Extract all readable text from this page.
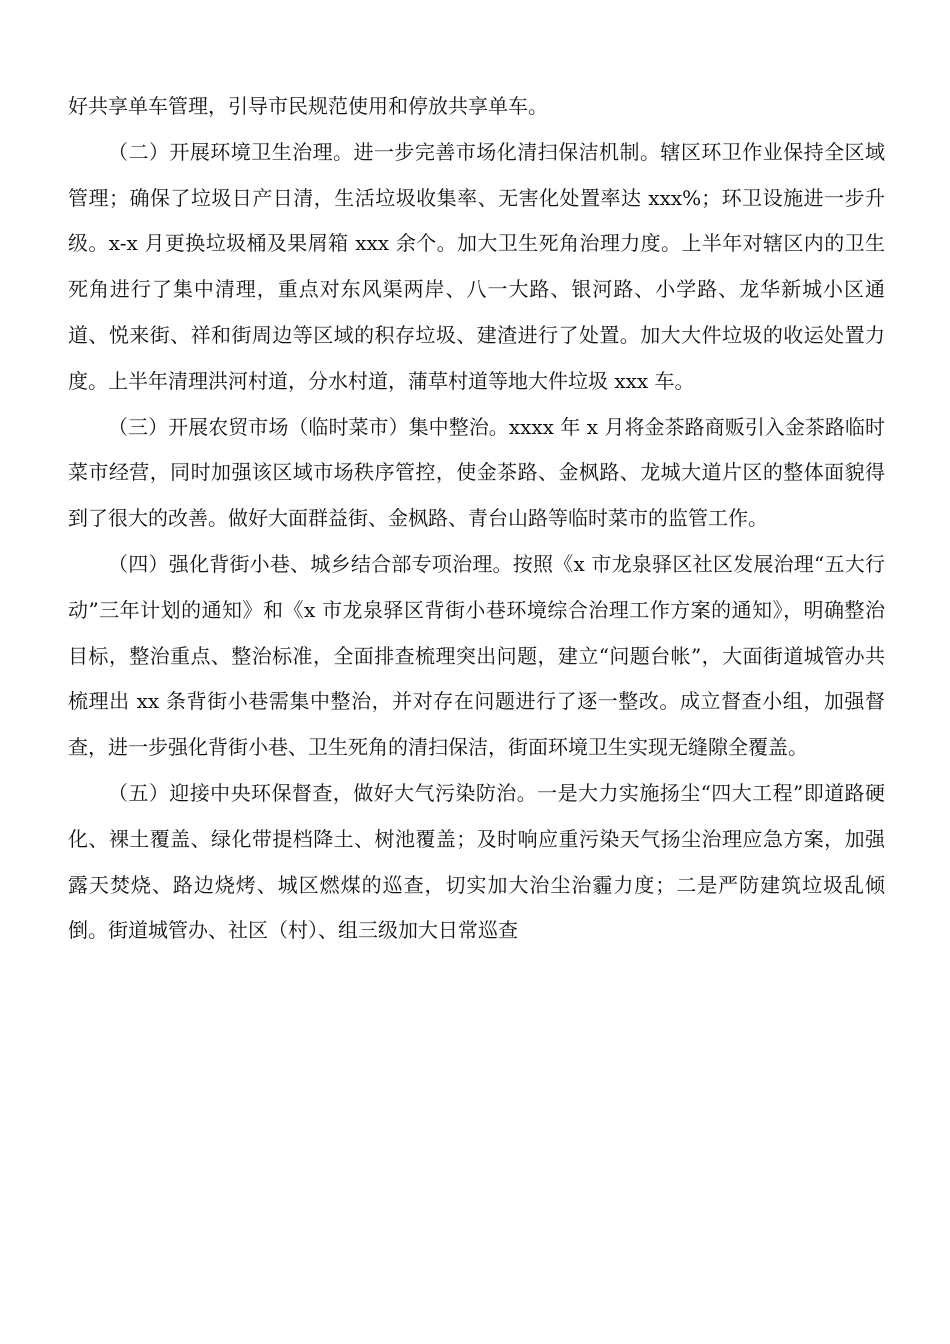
好共享单车管理，引导市民规范使用和停放共享单车。

（二）开展环境卫生治理。进一步完善市场化清扫保洁机制。辖区环卫作业保持全区域管理；确保了垃圾日产日清，生活垃圾收集率、无害化处置率达 xxx%；环卫设施进一步升级。x-x 月更换垃圾桶及果屑箱 xxx 余个。加大卫生死角治理力度。上半年对辖区内的卫生死角进行了集中清理，重点对东风渠两岸、八一大路、银河路、小学路、龙华新城小区通道、悦来街、祥和街周边等区域的积存垃圾、建渣进行了处置。加大大件垃圾的收运处置力度。上半年清理洪河村道，分水村道，蒲草村道等地大件垃圾 xxx 车。

（三）开展农贸市场（临时菜市）集中整治。xxxx 年 x 月将金茶路商贩引入金茶路临时菜市经营，同时加强该区域市场秩序管控，使金茶路、金枫路、龙城大道片区的整体面貌得到了很大的改善。做好大面群益街、金枫路、青台山路等临时菜市的监管工作。

（四）强化背街小巷、城乡结合部专项治理。按照《x 市龙泉驿区社区发展治理“五大行动”三年计划的通知》和《x 市龙泉驿区背街小巷环境综合治理工作方案的通知》，明确整治目标，整治重点、整治标准，全面排查梳理突出问题，建立“问题台帐”，大面街道城管办共梳理出 xx 条背街小巷需集中整治，并对存在问题进行了逐一整改。成立督查小组，加强督查，进一步强化背街小巷、卫生死角的清扫保洁，街面环境卫生实现无缝隙全覆盖。

（五）迎接中央环保督查，做好大气污染防治。一是大力实施扬尘“四大工程”即道路硬化、裸土覆盖、绿化带提档降土、树池覆盖；及时响应重污染天气扬尘治理应急方案，加强露天焚烧、路边烧烤、城区燃煤的巡查，切实加大治尘治霾力度；二是严防建筑垃圾乱倾倒。街道城管办、社区（村）、组三级加大日常巡查
